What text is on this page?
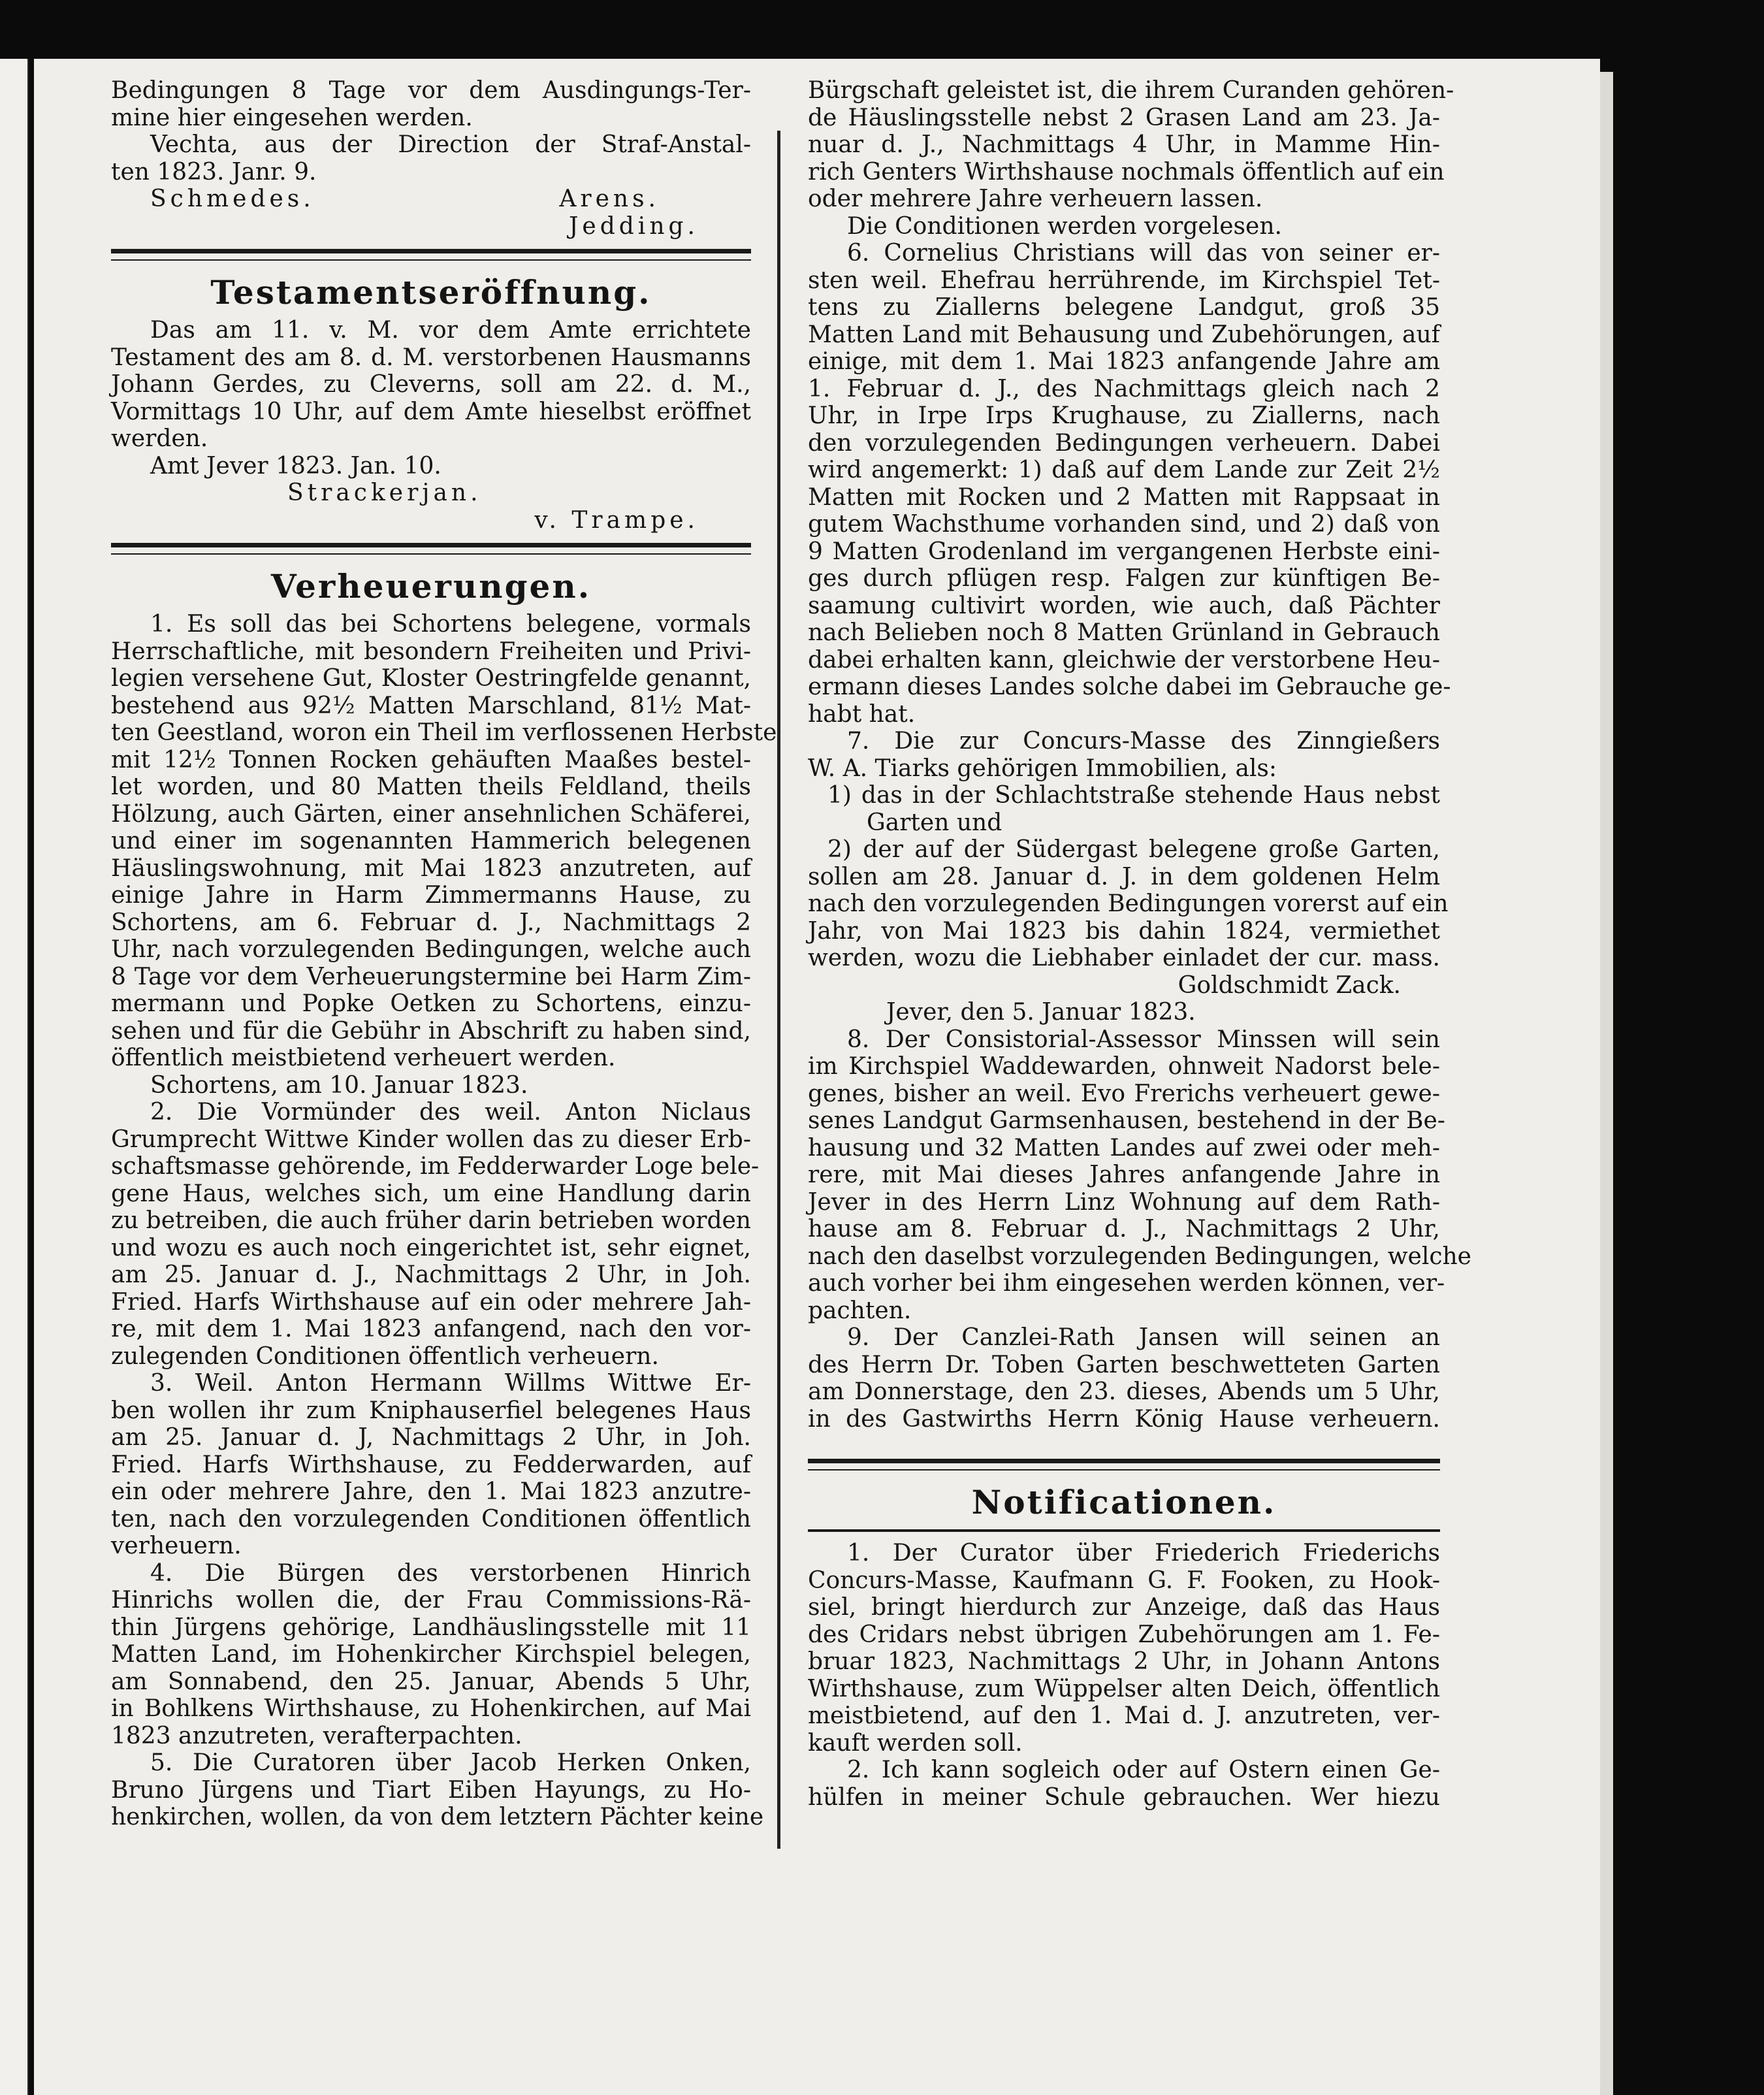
Bedingungen 8 Tage vor dem Ausdingungs-Ter-

mine hier eingesehen werden.

Vechta, aus der Direction der Straf-Anstal-

ten 1823. Janr. 9.

Schmedes.	Arens.

Jedding.

Testamentseröffnung.

Das am 11. v. M. vor dem Amte errichtete

Testament des am 8. d. M. verstorbenen Hausmanns

Johann Gerdes, zu Cleverns, soll am 22. d. M.,

Vormittags 10 Uhr, auf dem Amte hieselbst eröffnet

werden.

Amt Jever 1823. Jan. 10.

Strackerjan.

v. Trampe.

Verheuerungen.

1. Es soll das bei Schortens belegene, vormals

Herrschaftliche, mit besondern Freiheiten und Privi-

legien versehene Gut, Kloster Oestringfelde genannt,

bestehend aus 92½ Matten Marschland, 81½ Mat-

ten Geestland, woron ein Theil im verflossenen Herbste

mit 12½ Tonnen Rocken gehäuften Maaßes bestel-

let worden, und 80 Matten theils Feldland, theils

Hölzung, auch Gärten, einer ansehnlichen Schäferei,

und einer im sogenannten Hammerich belegenen

Häuslingswohnung, mit Mai 1823 anzutreten, auf

einige Jahre in Harm Zimmermanns Hause, zu

Schortens, am 6. Februar d. J., Nachmittags 2

Uhr, nach vorzulegenden Bedingungen, welche auch

8 Tage vor dem Verheuerungstermine bei Harm Zim-

mermann und Popke Oetken zu Schortens, einzu-

sehen und für die Gebühr in Abschrift zu haben sind,

öffentlich meistbietend verheuert werden.

Schortens, am 10. Januar 1823.

2. Die Vormünder des weil. Anton Niclaus

Grumprecht Wittwe Kinder wollen das zu dieser Erb-

schaftsmasse gehörende, im Fedderwarder Loge bele-

gene Haus, welches sich, um eine Handlung darin

zu betreiben, die auch früher darin betrieben worden

und wozu es auch noch eingerichtet ist, sehr eignet,

am 25. Januar d. J., Nachmittags 2 Uhr, in Joh.

Fried. Harfs Wirthshause auf ein oder mehrere Jah-

re, mit dem 1. Mai 1823 anfangend, nach den vor-

zulegenden Conditionen öffentlich verheuern.

3. Weil. Anton Hermann Willms Wittwe Er-

ben wollen ihr zum Kniphauserfiel belegenes Haus

am 25. Januar d. J, Nachmittags 2 Uhr, in Joh.

Fried. Harfs Wirthshause, zu Fedderwarden, auf

ein oder mehrere Jahre, den 1. Mai 1823 anzutre-

ten, nach den vorzulegenden Conditionen öffentlich

verheuern.

4. Die Bürgen des verstorbenen Hinrich

Hinrichs wollen die, der Frau Commissions-Rä-

thin Jürgens gehörige, Landhäuslingsstelle mit 11

Matten Land, im Hohenkircher Kirchspiel belegen,

am Sonnabend, den 25. Januar, Abends 5 Uhr,

in Bohlkens Wirthshause, zu Hohenkirchen, auf Mai

1823 anzutreten, verafterpachten.

5. Die Curatoren über Jacob Herken Onken,

Bruno Jürgens und Tiart Eiben Hayungs, zu Ho-

henkirchen, wollen, da von dem letztern Pächter keine

Bürgschaft geleistet ist, die ihrem Curanden gehören-

de Häuslingsstelle nebst 2 Grasen Land am 23. Ja-

nuar d. J., Nachmittags 4 Uhr, in Mamme Hin-

rich Genters Wirthshause nochmals öffentlich auf ein

oder mehrere Jahre verheuern lassen.

Die Conditionen werden vorgelesen.

6. Cornelius Christians will das von seiner er-

sten weil. Ehefrau herrührende, im Kirchspiel Tet-

tens zu Ziallerns belegene Landgut, groß 35

Matten Land mit Behausung und Zubehörungen, auf

einige, mit dem 1. Mai 1823 anfangende Jahre am

1. Februar d. J., des Nachmittags gleich nach 2

Uhr, in Irpe Irps Krughause, zu Ziallerns, nach

den vorzulegenden Bedingungen verheuern. Dabei

wird angemerkt: 1) daß auf dem Lande zur Zeit 2½

Matten mit Rocken und 2 Matten mit Rappsaat in

gutem Wachsthume vorhanden sind, und 2) daß von

9 Matten Grodenland im vergangenen Herbste eini-

ges durch pflügen resp. Falgen zur künftigen Be-

saamung cultivirt worden, wie auch, daß Pächter

nach Belieben noch 8 Matten Grünland in Gebrauch

dabei erhalten kann, gleichwie der verstorbene Heu-

ermann dieses Landes solche dabei im Gebrauche ge-

habt hat.

7. Die zur Concurs-Masse des Zinngießers

W. A. Tiarks gehörigen Immobilien, als:

1) das in der Schlachtstraße stehende Haus nebst

Garten und

2) der auf der Südergast belegene große Garten,

sollen am 28. Januar d. J. in dem goldenen Helm

nach den vorzulegenden Bedingungen vorerst auf ein

Jahr, von Mai 1823 bis dahin 1824, vermiethet

werden, wozu die Liebhaber einladet der cur. mass.

Goldschmidt Zack.

Jever, den 5. Januar 1823.

8. Der Consistorial-Assessor Minssen will sein

im Kirchspiel Waddewarden, ohnweit Nadorst bele-

genes, bisher an weil. Evo Frerichs verheuert gewe-

senes Landgut Garmsenhausen, bestehend in der Be-

hausung und 32 Matten Landes auf zwei oder meh-

rere, mit Mai dieses Jahres anfangende Jahre in

Jever in des Herrn Linz Wohnung auf dem Rath-

hause am 8. Februar d. J., Nachmittags 2 Uhr,

nach den daselbst vorzulegenden Bedingungen, welche

auch vorher bei ihm eingesehen werden können, ver-

pachten.

9. Der Canzlei-Rath Jansen will seinen an

des Herrn Dr. Toben Garten beschwetteten Garten

am Donnerstage, den 23. dieses, Abends um 5 Uhr,

in des Gastwirths Herrn König Hause verheuern.

Notificationen.

1. Der Curator über Friederich Friederichs

Concurs-Masse, Kaufmann G. F. Fooken, zu Hook-

siel, bringt hierdurch zur Anzeige, daß das Haus

des Cridars nebst übrigen Zubehörungen am 1. Fe-

bruar 1823, Nachmittags 2 Uhr, in Johann Antons

Wirthshause, zum Wüppelser alten Deich, öffentlich

meistbietend, auf den 1. Mai d. J. anzutreten, ver-

kauft werden soll.

2. Ich kann sogleich oder auf Ostern einen Ge-

hülfen in meiner Schule gebrauchen. Wer hiezu
